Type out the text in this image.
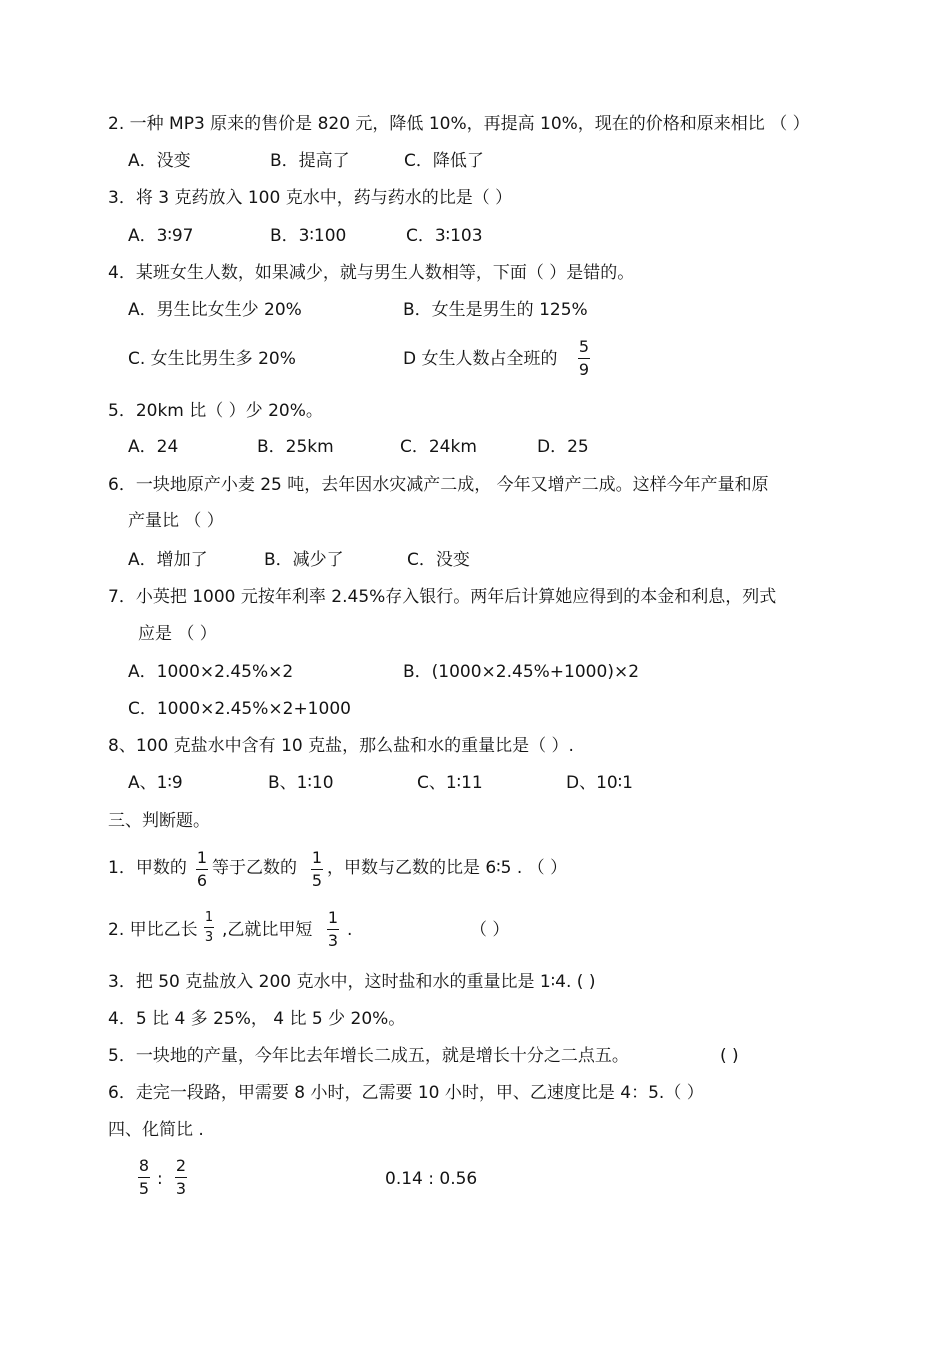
2. 一种 MP3 原来的售价是 820 元，降低 10%，再提高 10%，现在的价格和原来相比 （ ）
A．没变	B．提高了	C．降低了
3．将 3 克药放入 100 克水中，药与药水的比是（ ）
A．3∶97	B．3∶100	C．3∶103
4．某班女生人数，如果减少，就与男生人数相等，下面（ ）是错的。
A．男生比女生少 20%	B．女生是男生的 125%
C. 女生比男生多 20%	D 女生人数占全班的
5
9
5．20km 比（ ）少 20%。
A．24	B．25km	C．24km	D．25
6．一块地原产小麦 25 吨，去年因水灾减产二成， 今年又增产二成。这样今年产量和原
产量比 （ ）
A．增加了	B．减少了	C．没变
7．小英把 1000 元按年利率 2.45%存入银行。两年后计算她应得到的本金和利息，列式
应是 （ ）
A．1000×2.45%×2	B．(1000×2.45%+1000)×2
C．1000×2.45%×2+1000
8、100 克盐水中含有 10 克盐，那么盐和水的重量比是（ ）.
A、1∶9	B、1∶10	C、1∶11	D、10∶1
三、判断题。
1．甲数的
1
6
等于乙数的
1
5
，甲数与乙数的比是 6∶5 . （ ）
2. 甲比乙长
1
3 ,乙就比甲短
1
3
.	（ ）
3．把 50 克盐放入 200 克水中，这时盐和水的重量比是 1∶4. ( )
4．5 比 4 多 25%， 4 比 5 少 20%。
5．一块地的产量，今年比去年增长二成五，就是增长十分之二点五。	( )
6．走完一段路，甲需要 8 小时，乙需要 10 小时，甲、乙速度比是 4：5.（ ）
四、化简比 .
8
5 :
2
3	0.14 : 0.56
